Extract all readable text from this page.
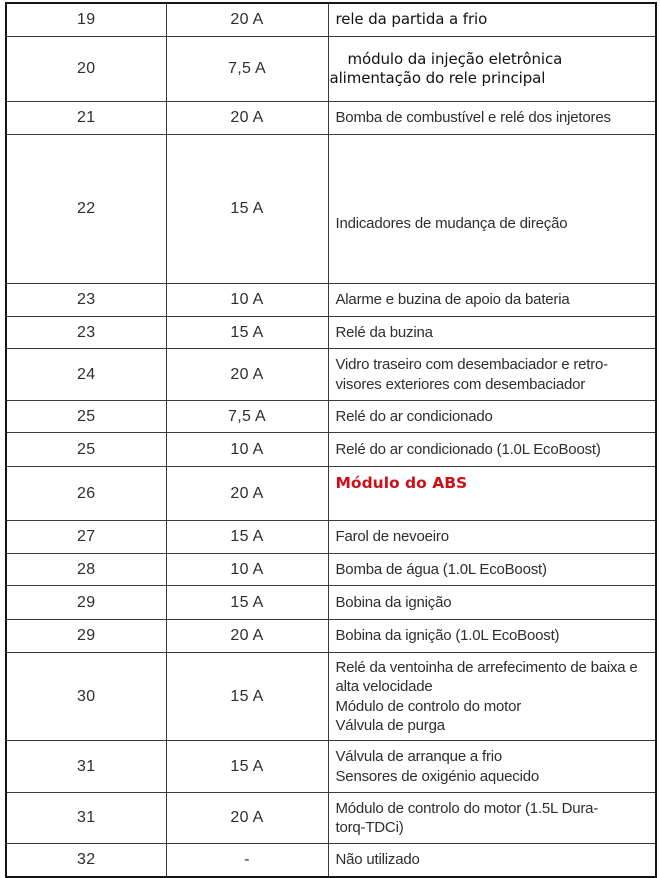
19	20 A	rele da partida a frio

20	7,5 A	módulo da injeção eletrônica
alimentação do rele principal

21	20 A	Bomba de combustível e relé dos injetores

22	15 A	Indicadores de mudança de direção

23	10 A	Alarme e buzina de apoio da bateria

23	15 A	Relé da buzina

24	20 A	Vidro traseiro com desembaciador e retro-
visores exteriores com desembaciador

25	7,5 A	Relé do ar condicionado

25	10 A	Relé do ar condicionado (1.0L EcoBoost)

26	20 A	Módulo do ABS

27	15 A	Farol de nevoeiro

28	10 A	Bomba de água (1.0L EcoBoost)

29	15 A	Bobina da ignição

29	20 A	Bobina da ignição (1.0L EcoBoost)

30	15 A	Relé da ventoinha de arrefecimento de baixa e alta velocidade
Módulo de controlo do motor
Válvula de purga

31	15 A	Válvula de arranque a frio
Sensores de oxigénio aquecido

31	20 A	Módulo de controlo do motor (1.5L Dura-
torq-TDCi)

32	-	Não utilizado
